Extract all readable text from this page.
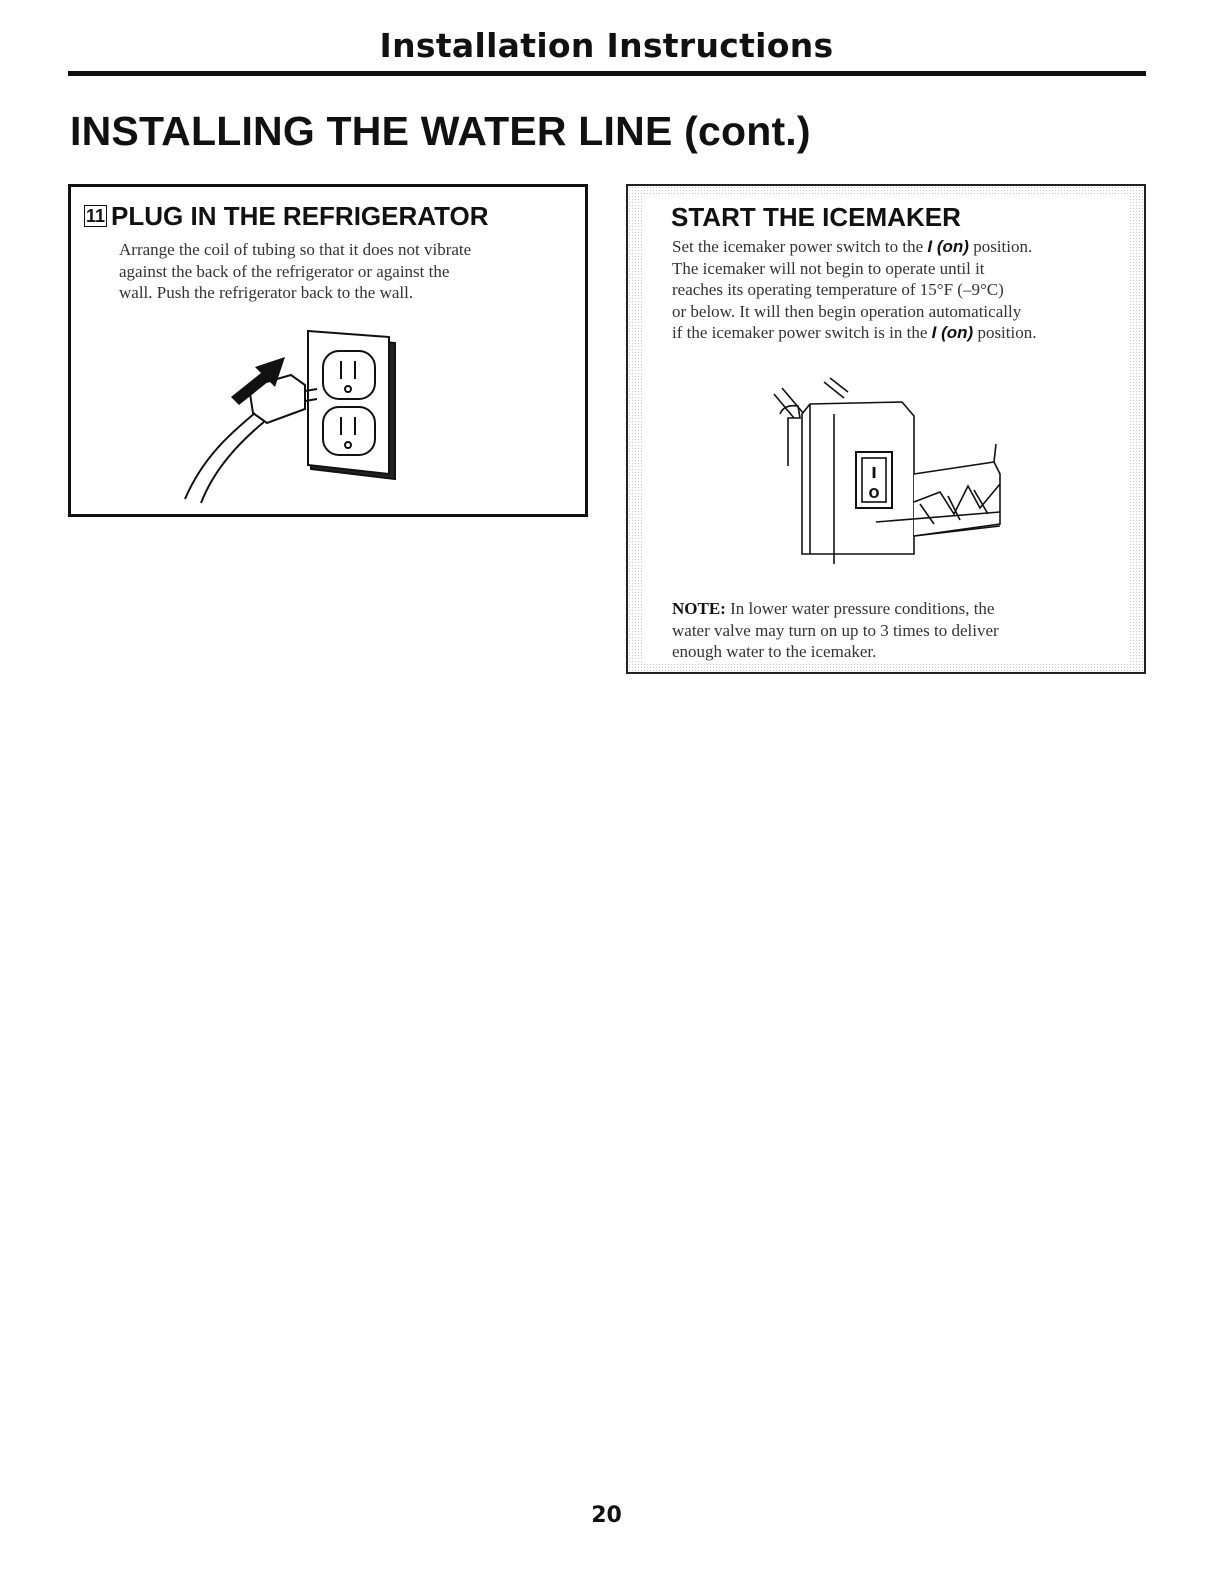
Installation Instructions
INSTALLING THE WATER LINE (cont.)
11 PLUG IN THE REFRIGERATOR
Arrange the coil of tubing so that it does not vibrate
against the back of the refrigerator or against the
wall. Push the refrigerator back to the wall.
START THE ICEMAKER
Set the icemaker power switch to the I (on) position.
The icemaker will not begin to operate until it
reaches its operating temperature of 15°F (–9°C)
or below. It will then begin operation automatically
if the icemaker power switch is in the I (on) position.
I
O
NOTE: In lower water pressure conditions, the
water valve may turn on up to 3 times to deliver
enough water to the icemaker.
20
